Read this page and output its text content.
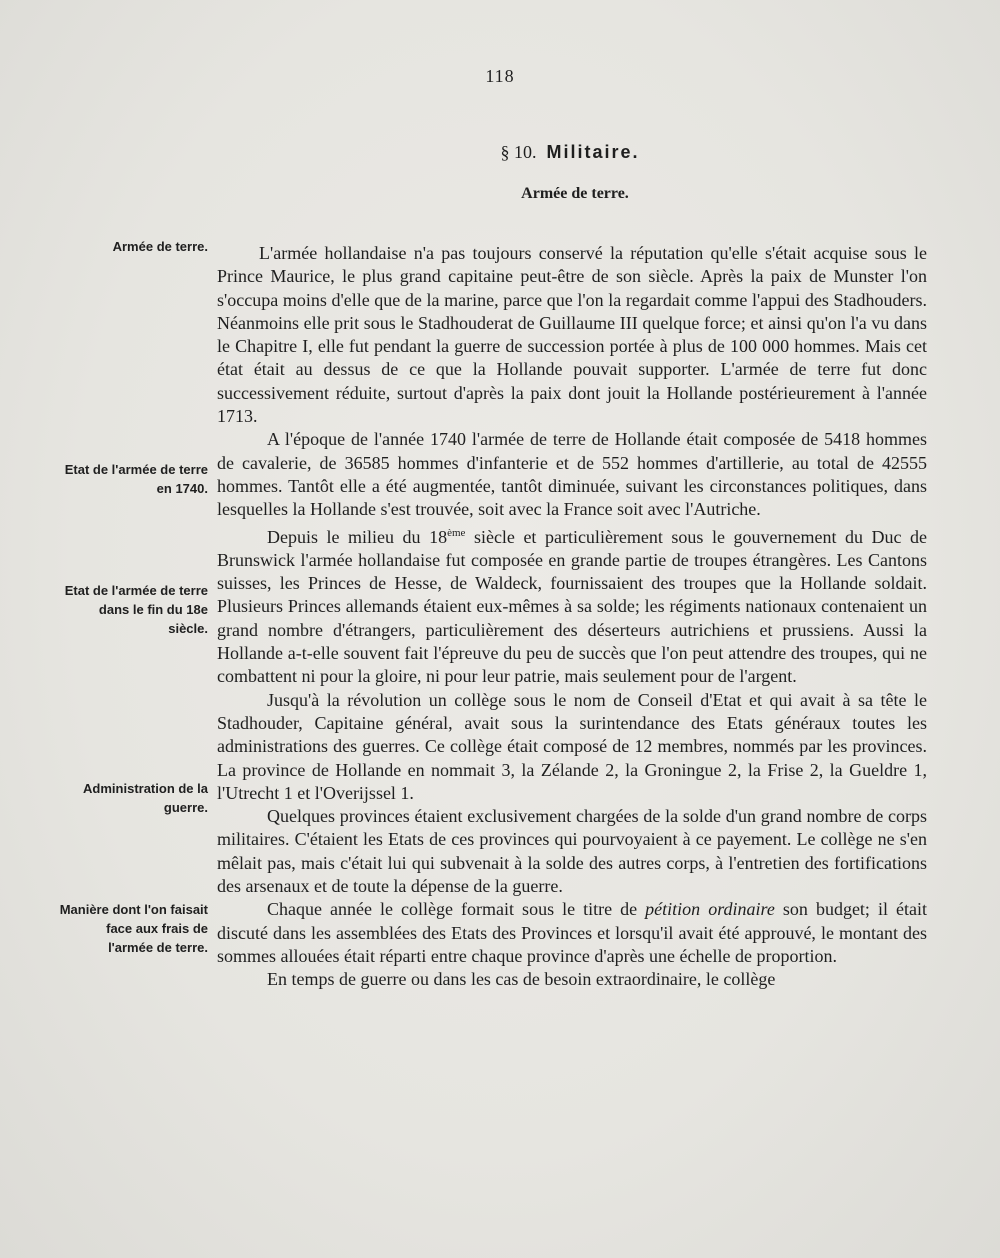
118
§ 10. Militaire.
Armée de terre.
Armée de terre.
Etat de l'armée de terre en 1740.
Etat de l'armée de terre dans le fin du 18e siècle.
Administration de la guerre.
Manière dont l'on faisait face aux frais de l'armée de terre.

L'armée hollandaise n'a pas toujours conservé la réputation qu'elle s'était acquise sous le Prince Maurice, le plus grand capitaine peut-être de son siècle. Après la paix de Munster l'on s'occupa moins d'elle que de la marine, parce que l'on la regardait comme l'appui des Stadhouders. Néanmoins elle prit sous le Stadhouderat de Guillaume III quelque force; et ainsi qu'on l'a vu dans le Chapitre I, elle fut pendant la guerre de succession portée à plus de 100 000 hommes. Mais cet état était au dessus de ce que la Hollande pouvait supporter. L'armée de terre fut donc successivement réduite, surtout d'après la paix dont jouit la Hollande postérieurement à l'année 1713.

A l'époque de l'année 1740 l'armée de terre de Hollande était composée de 5418 hommes de cavalerie, de 36585 hommes d'infanterie et de 552 hommes d'artillerie, au total de 42555 hommes. Tantôt elle a été augmentée, tantôt diminuée, suivant les circonstances politiques, dans lesquelles la Hollande s'est trouvée, soit avec la France soit avec l'Autriche.

Depuis le milieu du 18ème siècle et particulièrement sous le gouvernement du Duc de Brunswick l'armée hollandaise fut composée en grande partie de troupes étrangères. Les Cantons suisses, les Princes de Hesse, de Waldeck, fournissaient des troupes que la Hollande soldait. Plusieurs Princes allemands étaient eux-mêmes à sa solde; les régiments nationaux contenaient un grand nombre d'étrangers, particulièrement des déserteurs autrichiens et prussiens. Aussi la Hollande a-t-elle souvent fait l'épreuve du peu de succès que l'on peut attendre des troupes, qui ne combattent ni pour la gloire, ni pour leur patrie, mais seulement pour de l'argent.

Jusqu'à la révolution un collège sous le nom de Conseil d'Etat et qui avait à sa tête le Stadhouder, Capitaine général, avait sous la surintendance des Etats généraux toutes les administrations des guerres. Ce collège était composé de 12 membres, nommés par les provinces. La province de Hollande en nommait 3, la Zélande 2, la Groningue 2, la Frise 2, la Gueldre 1, l'Utrecht 1 et l'Overijssel 1.

Quelques provinces étaient exclusivement chargées de la solde d'un grand nombre de corps militaires. C'étaient les Etats de ces provinces qui pourvoyaient à ce payement. Le collège ne s'en mêlait pas, mais c'était lui qui subvenait à la solde des autres corps, à l'entretien des fortifications des arsenaux et de toute la dépense de la guerre.

Chaque année le collège formait sous le titre de pétition ordinaire son budget; il était discuté dans les assemblées des Etats des Provinces et lorsqu'il avait été approuvé, le montant des sommes allouées était réparti entre chaque province d'après une échelle de proportion.

En temps de guerre ou dans les cas de besoin extraordinaire, le collège
